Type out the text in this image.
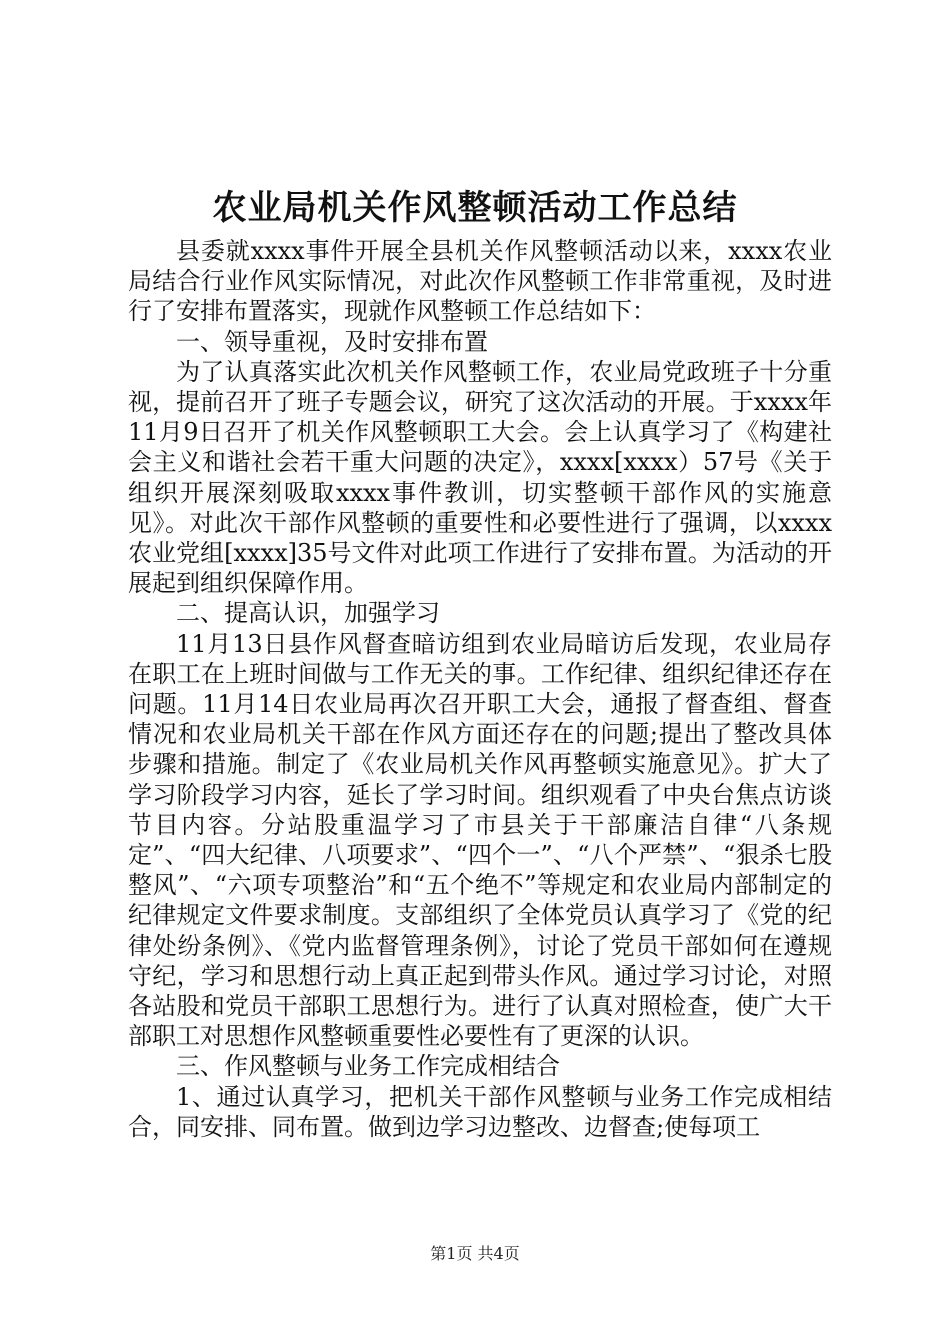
农业局机关作风整顿活动工作总结

县委就xxxx事件开展全县机关作风整顿活动以来，xxxx农业局结合行业作风实际情况，对此次作风整顿工作非常重视，及时进行了安排布置落实，现就作风整顿工作总结如下：

一、领导重视，及时安排布置

为了认真落实此次机关作风整顿工作，农业局党政班子十分重视，提前召开了班子专题会议，研究了这次活动的开展。于xxxx年11月9日召开了机关作风整顿职工大会。会上认真学习了《构建社会主义和谐社会若干重大问题的决定》，xxxx[xxxx）57号《关于组织开展深刻吸取xxxx事件教训，切实整顿干部作风的实施意见》。对此次干部作风整顿的重要性和必要性进行了强调，以xxxx农业党组[xxxx]35号文件对此项工作进行了安排布置。为活动的开展起到组织保障作用。

二、提高认识，加强学习

11月13日县作风督查暗访组到农业局暗访后发现，农业局存在职工在上班时间做与工作无关的事。工作纪律、组织纪律还存在问题。11月14日农业局再次召开职工大会，通报了督查组、督查情况和农业局机关干部在作风方面还存在的问题;提出了整改具体步骤和措施。制定了《农业局机关作风再整顿实施意见》。扩大了学习阶段学习内容，延长了学习时间。组织观看了中央台焦点访谈节目内容。分站股重温学习了市县关于干部廉洁自律“八条规定”、“四大纪律、八项要求”、“四个一”、“八个严禁”、“狠杀七股整风”、“六项专项整治”和“五个绝不”等规定和农业局内部制定的纪律规定文件要求制度。支部组织了全体党员认真学习了《党的纪律处纷条例》、《党内监督管理条例》，讨论了党员干部如何在遵规守纪，学习和思想行动上真正起到带头作风。通过学习讨论，对照各站股和党员干部职工思想行为。进行了认真对照检查，使广大干部职工对思想作风整顿重要性必要性有了更深的认识。

三、作风整顿与业务工作完成相结合

1、通过认真学习，把机关干部作风整顿与业务工作完成相结合，同安排、同布置。做到边学习边整改、边督查;使每项工

第1页 共4页
